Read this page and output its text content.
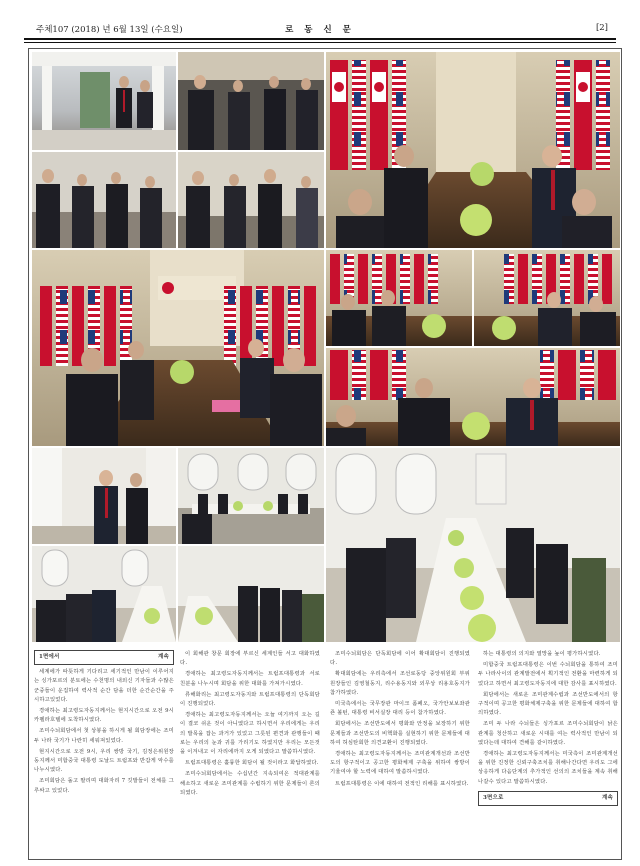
주체107 (2018) 년 6월 13일 (수요일)	로 동 신 문	[2]
1면에서	계속

세계에가 따뜻하게 기다리고 세기적인 만남이 이루어지는 싱가포르의 분토에는 수천명의 내외신 기자들과 수많은 군중들이 운집하여 력사적 순간 담을 더한 순간순간을 주시하고있었다.

경애하는 최고령도자동지께서는 현지시간으로 오전 9시 카펠라호텔에 도착하시였다.

조미수뇌회담에서 첫 상봉을 하시게 될 회담장에는 조미 두 나라 국기가 나란히 세워져있었다.

현지시간으로 오전 9시, 우리 쌍방 국기, 김정은위원장동지께서 미합중국 대통령 도날드 트럼프와 반갑게 악수를 나누시였다.

조미회담은 돌고 팔리며 대화자리 7 깃발들이 전체를 그루싸고 있었다.

이 회해관 창문 회장에 부르신 세계인들 서고 대화하였다.

경애하는 최고령도자동지께서는 트럼프대통령과 서로 친분을 나누시며 회담을 위한 대화를 가져가시였다.

류해화리는 최고령도자동지와 트럼프대통령의 단독회담이 진행되었다.

경애하는 최고령도자동지께서는 오늘 여기까지 오는 길이 결코 쉬운 것이 아니였다고 하시면서 우리에게는 우리의 발목을 잡는 과거가 있었고 그릇된 편견과 관행들이 때로는 우리의 눈과 귀를 가리기도 하였지만 우리는 모든것을 이겨내고 이 자리에까지 오게 되였다고 말씀하시였다.

트럼프대통령은 훌륭한 회담이 될 것이라고 화답하였다.

조미수뇌회담에서는 수십년간 지속되여온 적대관계를 해소하고 새로운 조미관계를 수립하기 위한 문제들이 론의되였다.

조미수뇌회담은 단독회담에 이어 확대회담이 진행되였다.

확대회담에는 우리측에서 조선로동당 중앙위원회 부위원장들인 김영철동지, 리수용동지와 외무상 리용호동지가 참가하였다.

미국측에서는 국무장관 마이크 폼페오, 국가안보보좌관 죤 볼턴, 대통령 비서실장 대리 등이 참가하였다.

회담에서는 조선반도에서 평화와 안정을 보장하기 위한 문제들과 조선반도의 비핵화를 실현하기 위한 문제들에 대하여 허심탄회한 의견교환이 진행되였다.

경애하는 최고령도자동지께서는 조미관계개선과 조선반도의 항구적이고 공고한 평화체제 구축을 위하여 쌍방이 기울여야 할 노력에 대하여 말씀하시였다.

트럼프대통령은 이에 대하여 전적인 리해를 표시하였다.

하는 대통령의 의지와 열망을 높이 평가하시였다.

미합중국 트럼프대통령은 이번 수뇌회담을 통하여 조미 두 나라사이의 관계발전에서 획기적인 전환을 마련하게 되었다고 하면서 최고령도자동지에 대한 감사를 표시하였다.

회담에서는 새로운 조미관계수립과 조선반도에서의 항구적이며 공고한 평화체제구축을 위한 문제들에 대하여 합의하였다.

조미 두 나라 수뇌들은 싱가포르 조미수뇌회담이 낡은 관계를 청산하고 새로운 시대를 여는 력사적인 만남이 되였다는데 대하여 견해를 같이하였다.

경애하는 최고령도자동지께서는 미국측이 조미관계개선을 위한 진정한 신뢰구축조치를 취해나간다면 우리도 그에 상응하게 다음단계의 추가적인 선의의 조치들을 계속 취해나갈수 있다고 말씀하시였다.

3면으로	계속
